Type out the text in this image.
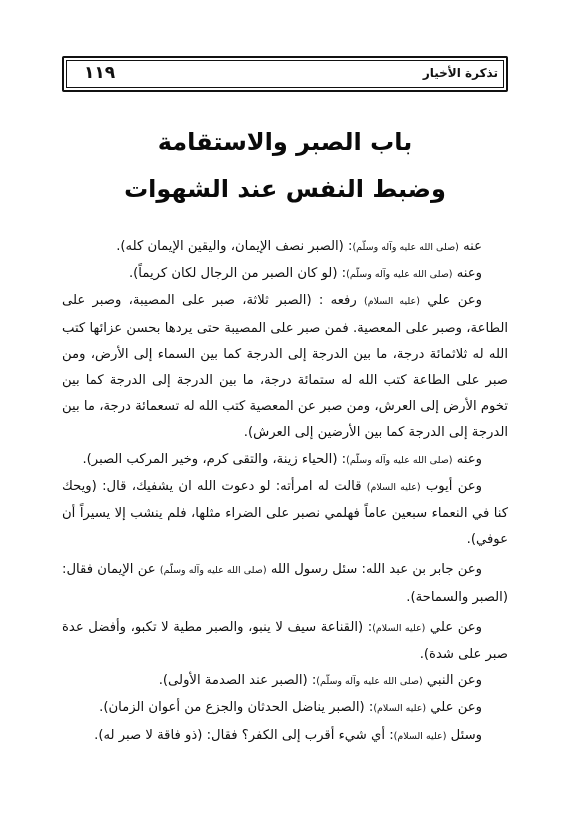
١١٩	تذكرة الأخيار
باب الصبر والاستقامة
وضبط النفس عند الشهوات

عنه (صلى الله عليه وآله وسلّم): (الصبر نصف الإيمان، واليقين الإيمان كله).

وعنه (صلى الله عليه وآله وسلّم): (لو كان الصبر من الرجال لكان كريماً).

وعن علي (عليه السلام) رفعه : (الصبر ثلاثة، صبر على المصيبة، وصبر على الطاعة، وصبر على المعصية. فمن صبر على المصيبة حتى يردها بحسن عزائها كتب الله له ثلاثمائة درجة، ما بين الدرجة إلى الدرجة كما بين السماء إلى الأرض، ومن صبر على الطاعة كتب الله له ستمائة درجة، ما بين الدرجة إلى الدرجة كما بين تخوم الأرض إلى العرش، ومن صبر عن المعصية كتب الله له تسعمائة درجة، ما بين الدرجة إلى الدرجة كما بين الأرضين إلى العرش).

وعنه (صلى الله عليه وآله وسلّم): (الحياء زينة، والتقى كرم، وخير المركب الصبر).

وعن أيوب (عليه السلام) قالت له امرأته: لو دعوت الله ان يشفيك، قال: (ويحك كنا في النعماء سبعين عاماً فهلمي نصبر على الضراء مثلها، فلم ينشب إلا يسيراً أن عوفي).

وعن جابر بن عبد الله: سئل رسول الله (صلى الله عليه وآله وسلّم) عن الإيمان فقال: (الصبر والسماحة).

وعن علي (عليه السلام): (القناعة سيف لا ينبو، والصبر مطية لا تكبو، وأفضل عدة صبر على شدة).

وعن النبي (صلى الله عليه وآله وسلّم): (الصبر عند الصدمة الأولى).

وعن علي (عليه السلام): (الصبر يناضل الحدثان والجزع من أعوان الزمان).

وسئل (عليه السلام): أي شيء أقرب إلى الكفر؟ فقال: (ذو فاقة لا صبر له).
